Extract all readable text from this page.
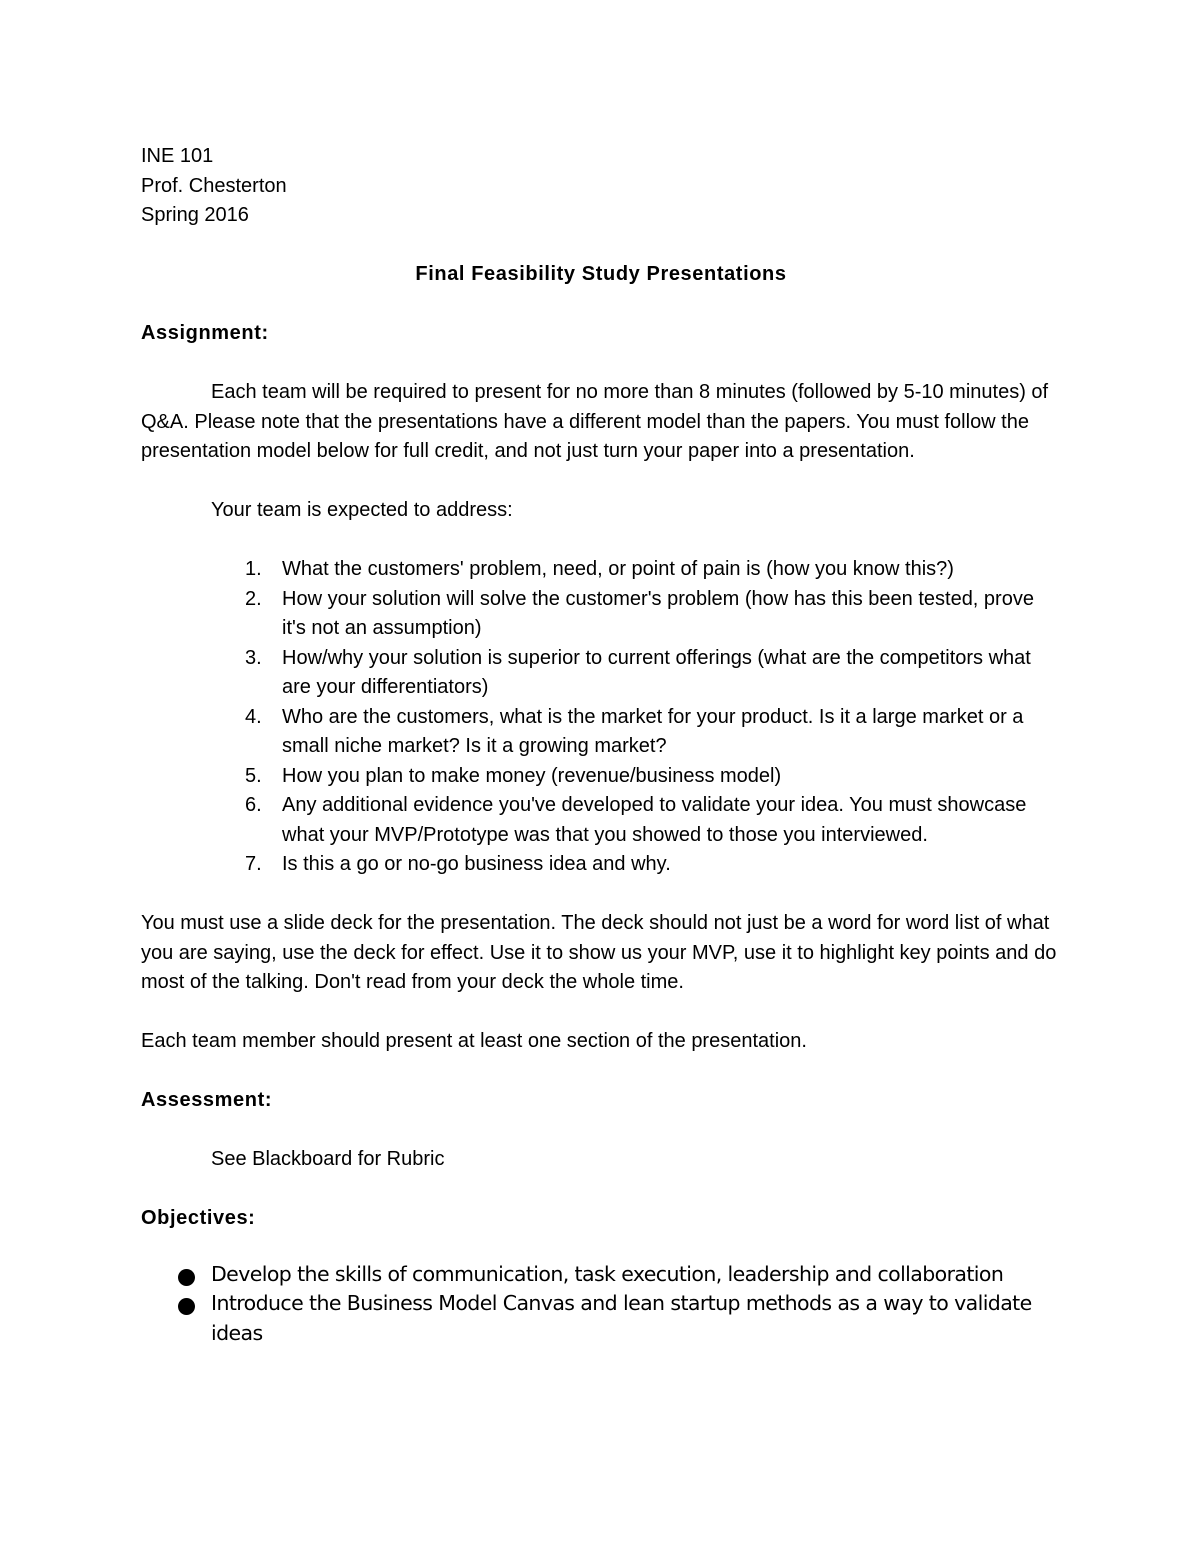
INE 101
Prof. Chesterton
Spring 2016
Final Feasibility Study Presentations
Assignment:
Each team will be required to present for no more than 8 minutes (followed by 5-10 minutes) of Q&A. Please note that the presentations have a different model than the papers. You must follow the presentation model below for full credit, and not just turn your paper into a presentation.
Your team is expected to address:
1.	What the customers' problem, need, or point of pain is (how you know this?)
2.	How your solution will solve the customer's problem (how has this been tested, prove it's not an assumption)
3.	How/why your solution is superior to current offerings (what are the competitors what are your differentiators)
4.	Who are the customers, what is the market for your product. Is it a large market or a small niche market? Is it a growing market?
5.	How you plan to make money (revenue/business model)
6.	Any additional evidence you've developed to validate your idea. You must showcase what your MVP/Prototype was that you showed to those you interviewed.
7.	Is this a go or no-go business idea and why.
You must use a slide deck for the presentation. The deck should not just be a word for word list of what you are saying, use the deck for effect. Use it to show us your MVP, use it to highlight key points and do most of the talking. Don't read from your deck the whole time.
Each team member should present at least one section of the presentation.
Assessment:
See Blackboard for Rubric
Objectives:
Develop the skills of communication, task execution, leadership and collaboration
Introduce the Business Model Canvas and lean startup methods as a way to validate ideas
